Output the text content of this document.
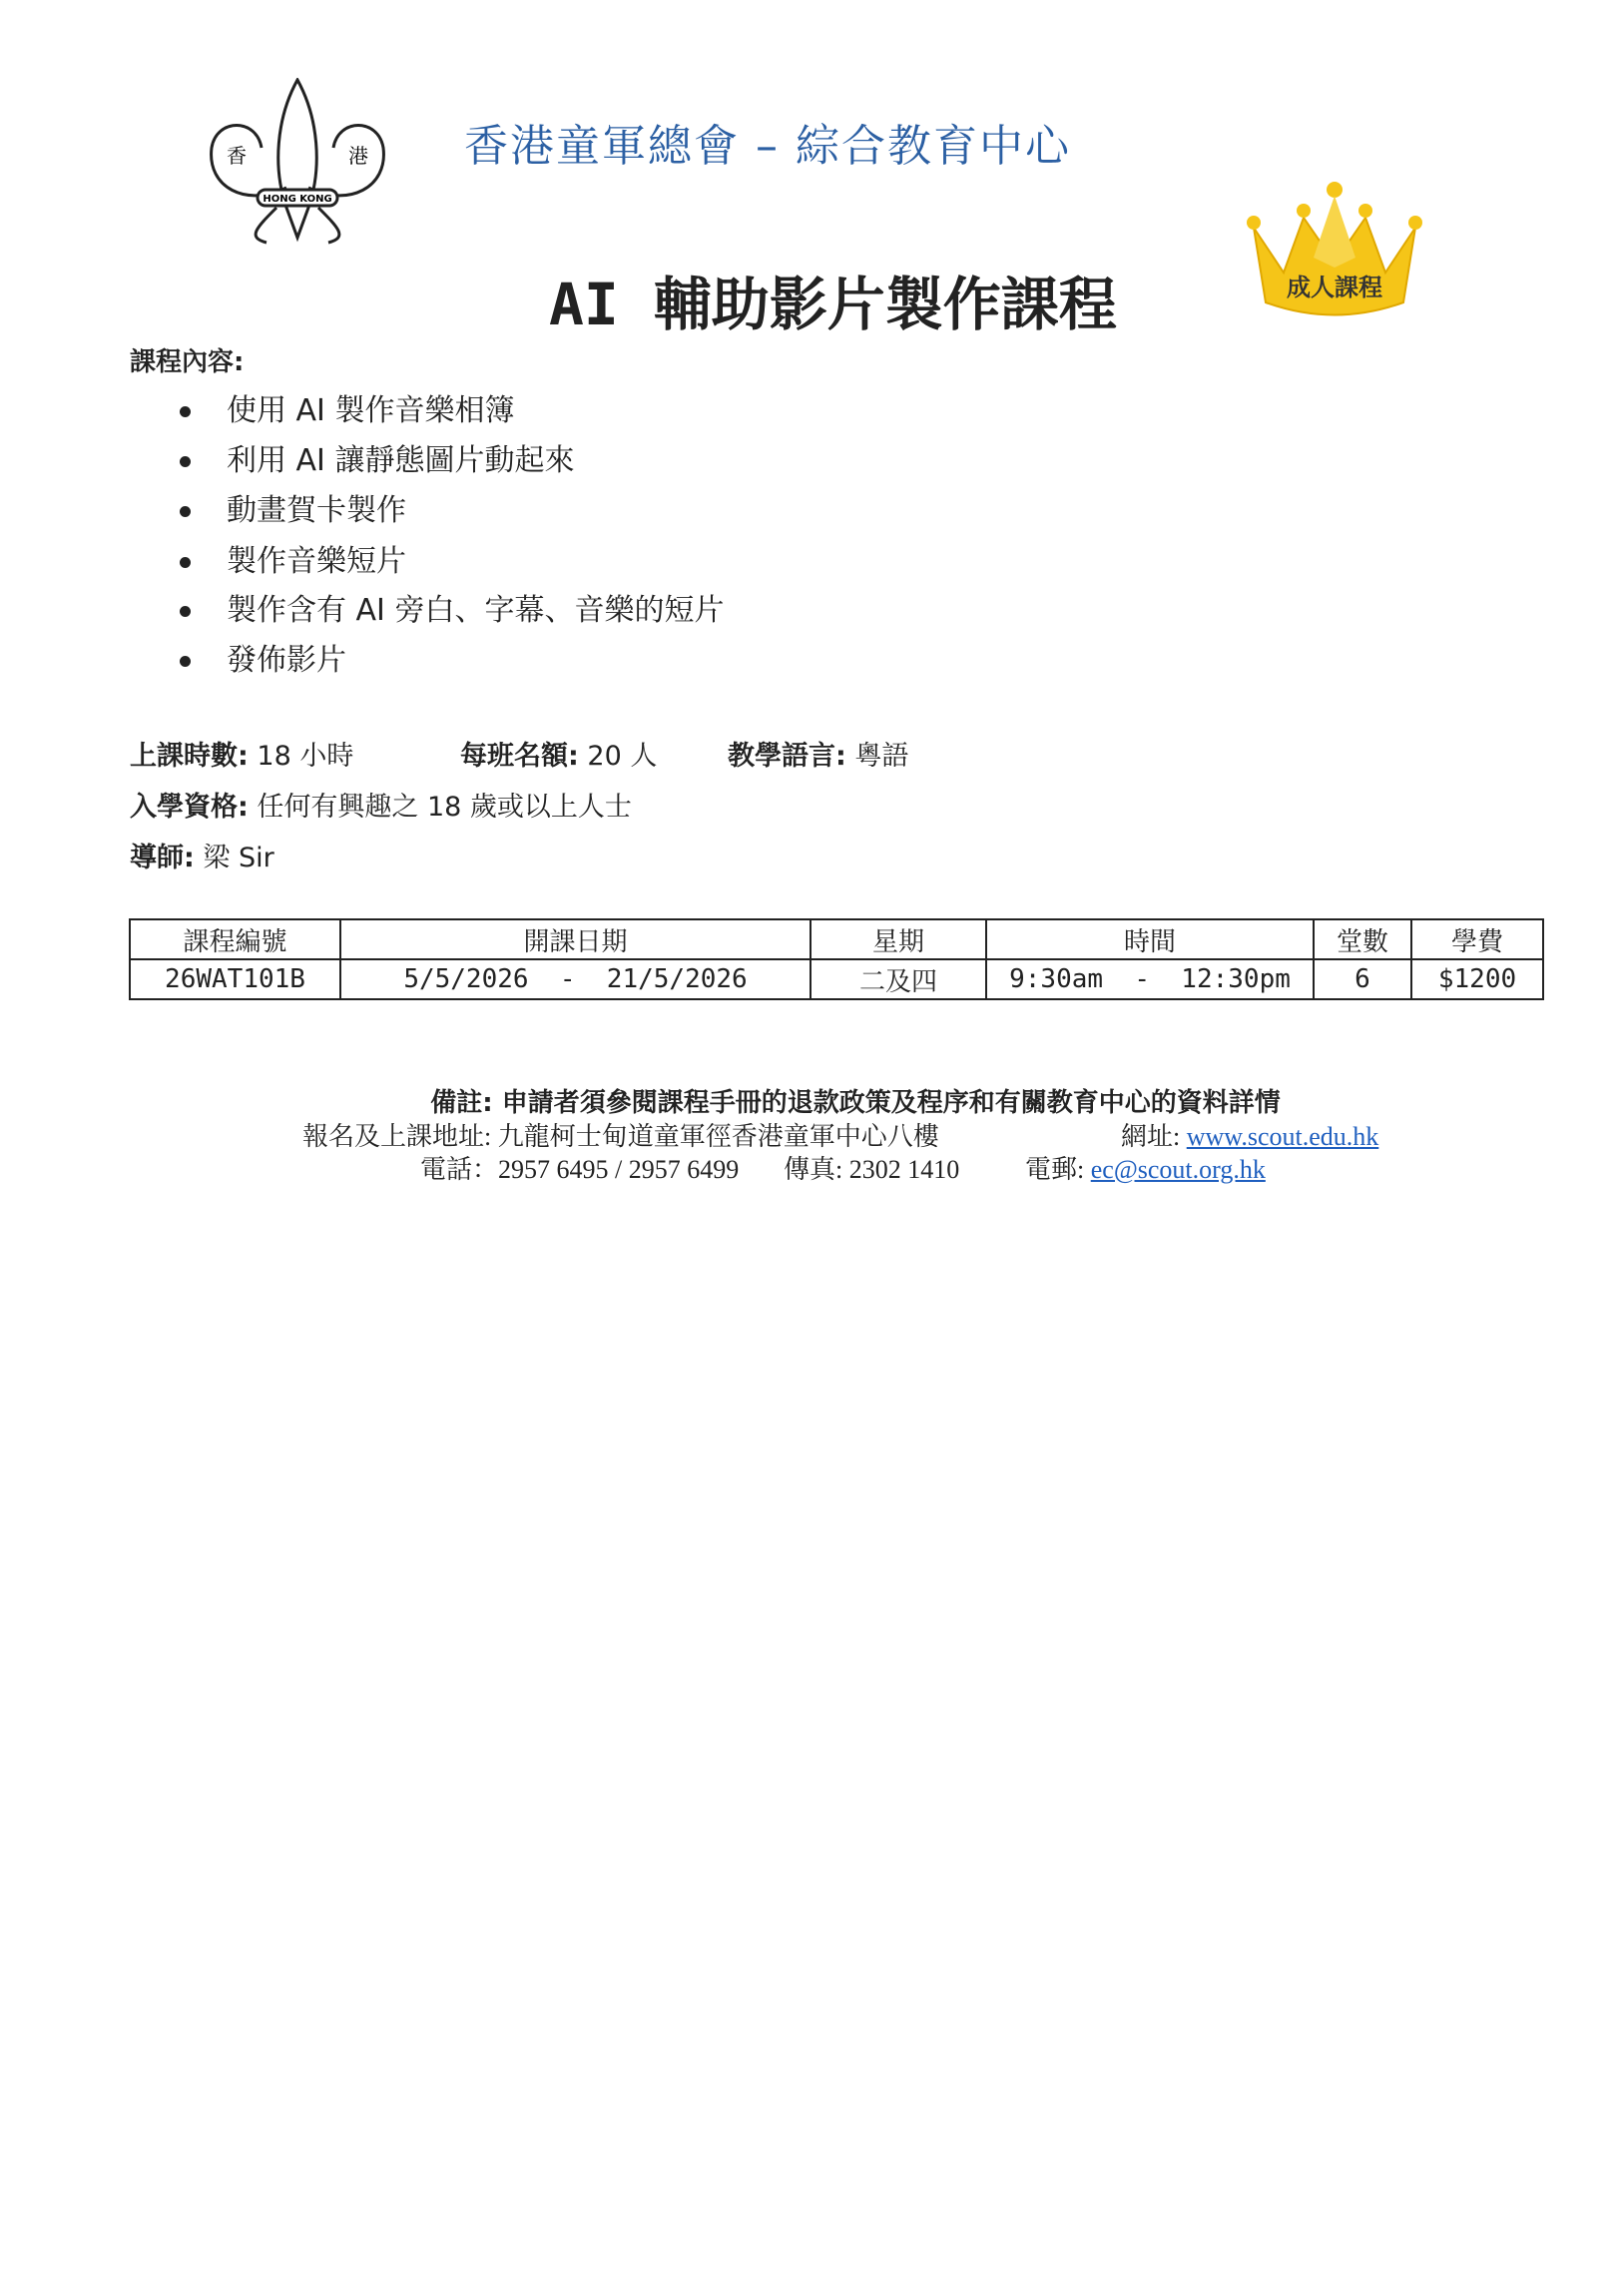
HONG KONG
香	港 香港童軍總會 – 綜合教育中心
AI 輔助影片製作課程	成人課程
課程內容:
使用 AI 製作音樂相簿
利用 AI 讓靜態圖片動起來
動畫賀卡製作
製作音樂短片
製作含有 AI 旁白、字幕、音樂的短片
發佈影片
上課時數: 18 小時	每班名額: 20 人	教學語言: 粵語
入學資格: 任何有興趣之 18 歲或以上人士
導師: 梁 Sir
課程編號	開課日期	星期	時間	堂數	學費
26WAT101B	5/5/2026  -  21/5/2026	二及四	9:30am  -  12:30pm	6	$1200
備註: 申請者須參閱課程手冊的退款政策及程序和有關教育中心的資料詳情
報名及上課地址: 九龍柯士甸道童軍徑香港童軍中心八樓	網址: www.scout.edu.hk
電話：2957 6495 / 2957 6499 傳真: 2302 1410	電郵: ec@scout.org.hk
